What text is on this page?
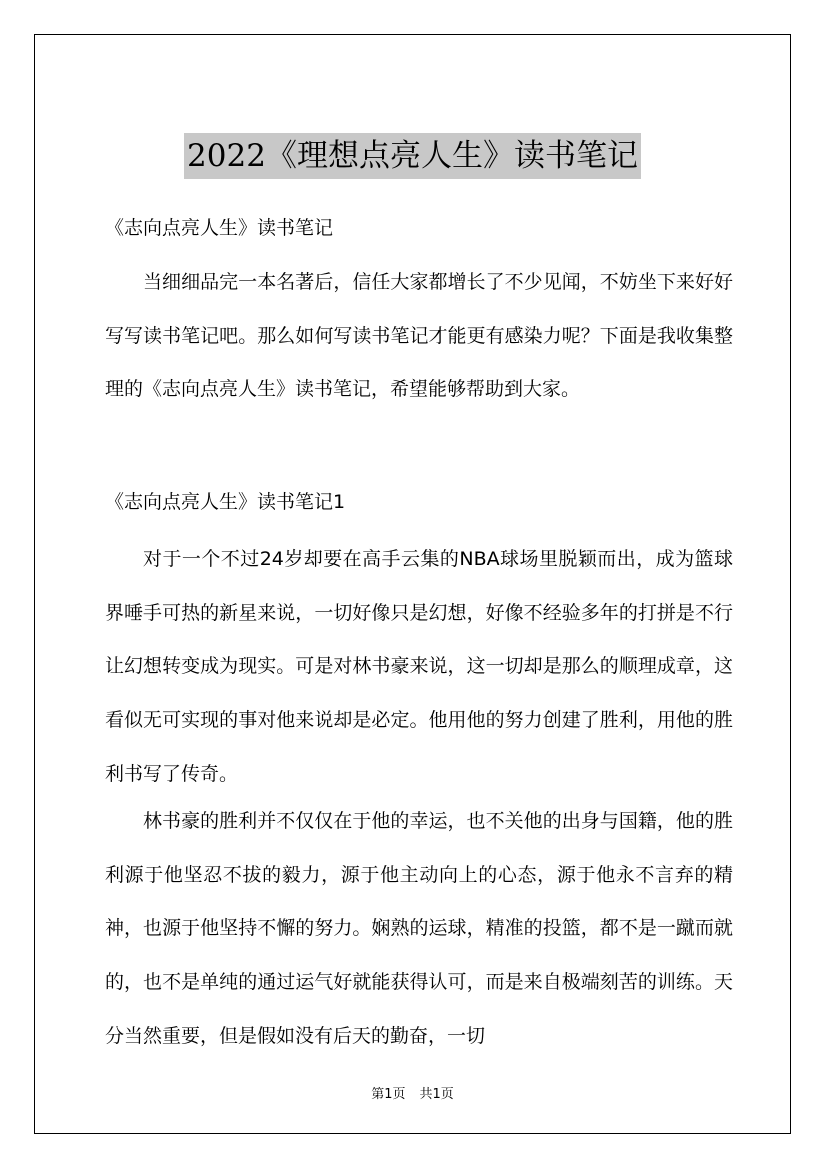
2022《理想点亮人生》读书笔记

《志向点亮人生》读书笔记

当细细品完一本名著后，信任大家都增长了不少见闻，不妨坐下来好好写写读书笔记吧。那么如何写读书笔记才能更有感染力呢？下面是我收集整理的《志向点亮人生》读书笔记，希望能够帮助到大家。

《志向点亮人生》读书笔记1

对于一个不过24岁却要在高手云集的NBA球场里脱颖而出，成为篮球界唾手可热的新星来说，一切好像只是幻想，好像不经验多年的打拼是不行让幻想转变成为现实。可是对林书豪来说，这一切却是那么的顺理成章，这看似无可实现的事对他来说却是必定。他用他的努力创建了胜利，用他的胜利书写了传奇。

林书豪的胜利并不仅仅在于他的幸运，也不关他的出身与国籍，他的胜利源于他坚忍不拔的毅力，源于他主动向上的心态，源于他永不言弃的精神，也源于他坚持不懈的努力。娴熟的运球，精准的投篮，都不是一蹴而就的，也不是单纯的通过运气好就能获得认可，而是来自极端刻苦的训练。天分当然重要，但是假如没有后天的勤奋，一切

第1页 共1页
